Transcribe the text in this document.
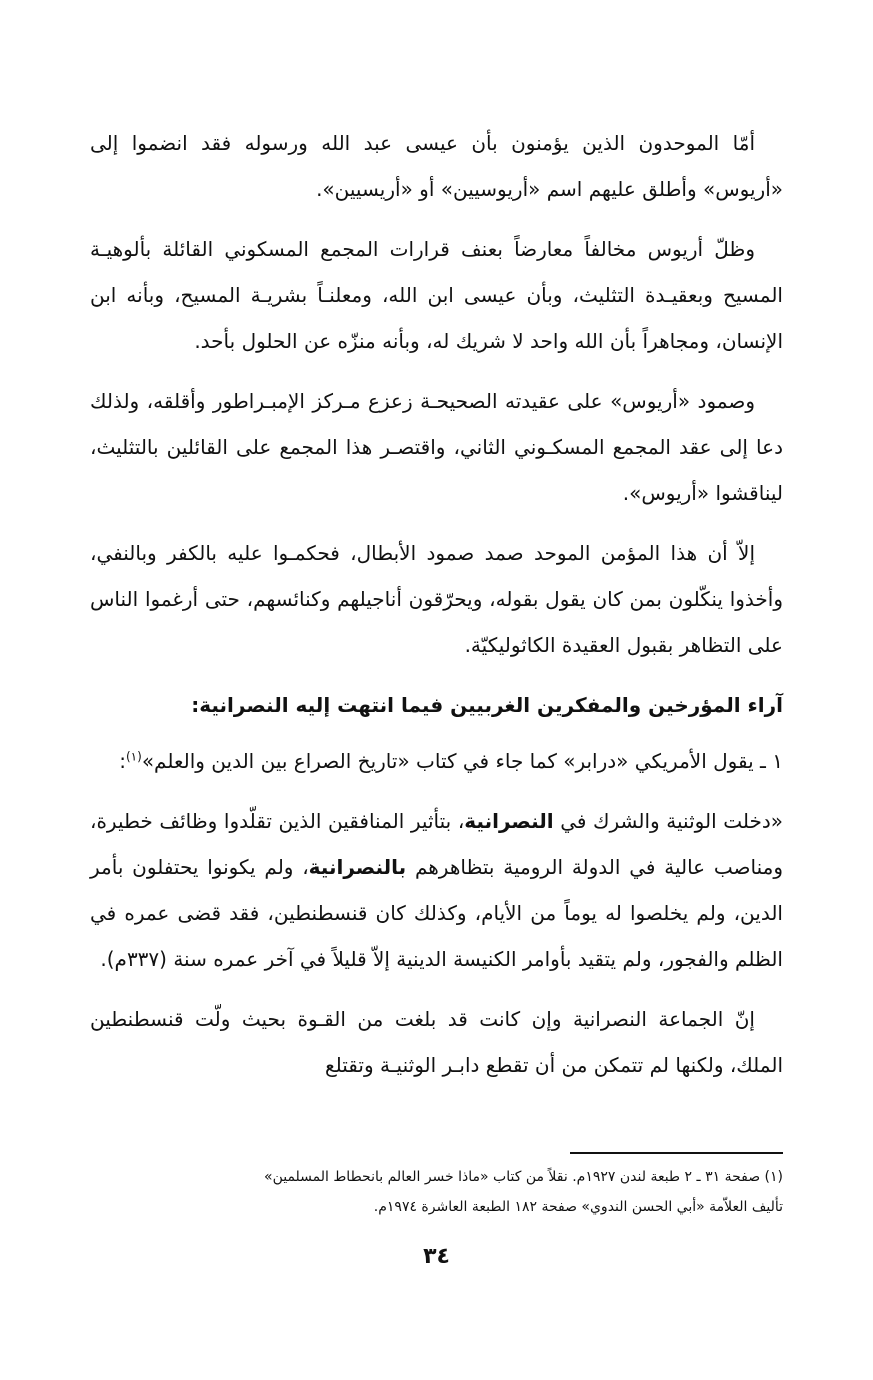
أمّا الموحدون الذين يؤمنون بأن عيسى عبد الله ورسوله فقد انضموا إلى «أريوس» وأطلق عليهم اسم «أريوسيين» أو «أريسيين».

وظلّ أريوس مخالفاً معارضاً بعنف قرارات المجمع المسكوني القائلة بألوهيـة المسيح وبعقيـدة التثليث، وبأن عيسى ابن الله، ومعلنـاً بشريـة المسيح، وبأنه ابن الإنسان، ومجاهراً بأن الله واحد لا شريك له، وبأنه منزّه عن الحلول بأحد.

وصمود «أريوس» على عقيدته الصحيحـة زعزع مـركز الإمبـراطور وأقلقه، ولذلك دعا إلى عقد المجمع المسكـوني الثاني، واقتصـر هذا المجمع على القائلين بالتثليث، ليناقشوا «أريوس».

إلاّ أن هذا المؤمن الموحد صمد صمود الأبطال، فحكمـوا عليه بالكفر وبالنفي، وأخذوا ينكّلون بمن كان يقول بقوله، ويحرّقون أناجيلهم وكنائسهم، حتى أرغموا الناس على التظاهر بقبول العقيدة الكاثوليكيّة.

آراء المؤرخين والمفكرين الغربيين فيما انتهت إليه النصرانية:

١ ـ يقول الأمريكي «درابر» كما جاء في كتاب «تاريخ الصراع بين الدين والعلم»$^{(١)}$:

«دخلت الوثنية والشرك في النصرانية، بتأثير المنافقين الذين تقلّدوا وظائف خطيرة، ومناصب عالية في الدولة الرومية بتظاهرهم بالنصرانية، ولم يكونوا يحتفلون بأمر الدين، ولم يخلصوا له يوماً من الأيام، وكذلك كان قنسطنطين، فقد قضى عمره في الظلم والفجور، ولم يتقيد بأوامر الكنيسة الدينية إلاّ قليلاً في آخر عمره سنة (٣٣٧م).

إنّ الجماعة النصرانية وإن كانت قد بلغت من القـوة بحيث ولّت قنسطنطين الملك، ولكنها لم تتمكن من أن تقطع دابـر الوثنيـة وتقتلع

(١) صفحة ٣١ ـ ٢ طبعة لندن ١٩٢٧م. نقلاً من كتاب «ماذا خسر العالم بانحطاط المسلمين»

تأليف العلاّمة «أبي الحسن الندوي» صفحة ١٨٢ الطبعة العاشرة ١٩٧٤م.

٣٤
